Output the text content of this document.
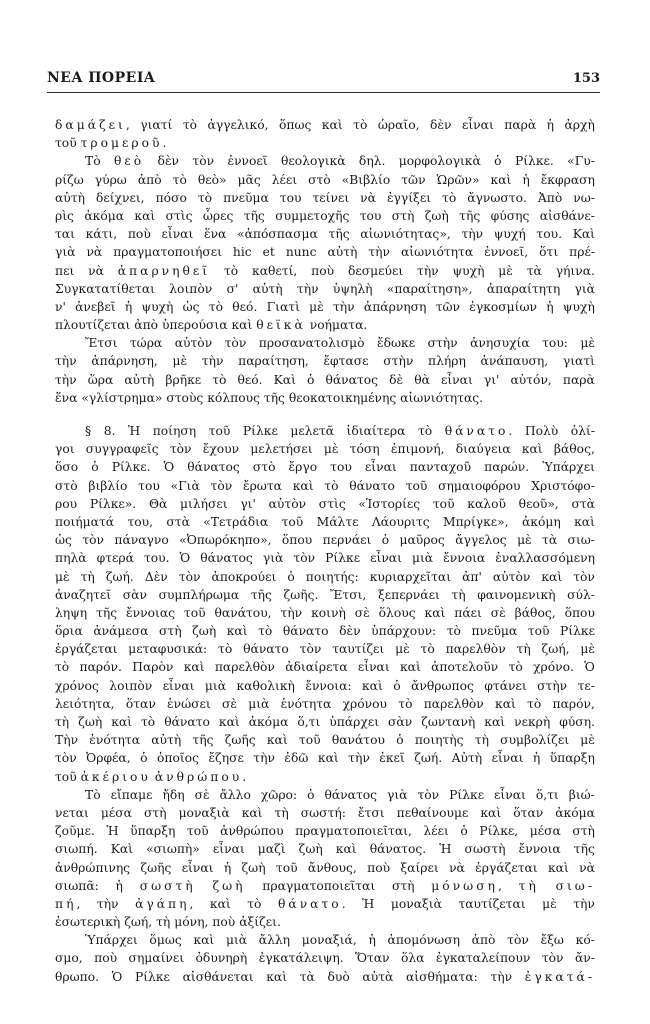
ΝΕΑ ΠΟΡΕΙΑ	153

δαμάζει, γιατί τὸ ἀγγελικό, ὅπως καὶ τὸ ὡραῖο, δὲν εἶναι παρὰ ἡ ἀρχὴ
τοῦ
τρομεροῦ.

Τὸ θεὸ δὲν τὸν ἐννοεῖ θεολογικὰ δηλ. μορφολογικὰ ὁ Ρίλκε. «Γυ-
ρίζω γύρω ἀπὸ τὸ θεὸ» μᾶς λέει στὸ «Βιβλίο τῶν Ὡρῶν» καὶ ἡ ἔκφραση
αὐτὴ δείχνει, πόσο τὸ πνεῦμα του τείνει νὰ ἐγγίξει τὸ ἄγνωστο. Ἀπὸ νω-
ρὶς ἀκόμα καὶ στὶς ὧρες τῆς συμμετοχῆς του στὴ ζωὴ τῆς φύσης αἰσθάνε-
ται κάτι, ποὺ εἶναι ἕνα «ἀπόσπασμα τῆς αἰωνιότητας», τὴν ψυχή του. Καὶ
γιὰ νὰ πραγματοποιήσει hic et nunc αὐτὴ τὴν αἰωνιότητα ἐννοεῖ, ὅτι πρέ-
πει νὰ ἀπαρνηθεῖ τὸ καθετί, ποὺ δεσμεύει τὴν ψυχὴ μὲ τὰ γήινα.
Συγκατατίθεται λοιπὸν σ' αὐτὴ τὴν ὑψηλὴ «παραίτηση», ἀπαραίτητη γιὰ
ν' ἀνεβεῖ ἡ ψυχὴ ὡς τὸ θεό. Γιατὶ μὲ τὴν ἀπάρνηση τῶν ἐγκοσμίων ἡ ψυχὴ
πλουτίζεται
ἀπὸ
ὑπερούσια
καὶ
θεϊκὰ
νοήματα.

Ἔτσι τώρα αὐτὸν τὸν προσανατολισμὸ ἔδωκε στὴν ἀνησυχία του: μὲ
τὴν ἀπάρνηση, μὲ τὴν παραίτηση, ἔφτασε στὴν πλήρη ἀνάπαυση, γιατὶ
τὴν ὥρα αὐτὴ βρῆκε τὸ θεό. Καὶ ὁ θάνατος δὲ θὰ εἶναι γι' αὐτόν, παρὰ
ἕνα
«γλίστρημα»
στοὺς
κόλπους
τῆς
θεοκατοικημένης
αἰωνιότητας.

§ 8. Ἡ ποίηση τοῦ Ρίλκε μελετᾶ ἰδιαίτερα τὸ θάνατο. Πολὺ ὀλί-
γοι συγγραφεῖς τὸν ἔχουν μελετήσει μὲ τόση ἐπιμονή, διαύγεια καὶ βάθος,
ὅσο ὁ Ρίλκε. Ὁ θάνατος στὸ ἔργο του εἶναι πανταχοῦ παρών. Ὑπάρχει
στὸ βιβλίο του «Γιὰ τὸν ἔρωτα καὶ τὸ θάνατο τοῦ σημαιοφόρου Χριστόφο-
ρου Ρίλκε». Θὰ μιλήσει γι' αὐτὸν στὶς «Ἱστορίες τοῦ καλοῦ θεοῦ», στὰ
ποιήματά του, στὰ «Τετράδια τοῦ Μάλτε Λάουριτς Μπρίγκε», ἀκόμη καὶ
ὡς τὸν πάναγνο «Ὀπωρόκηπο», ὅπου περνάει ὁ μαῦρος ἄγγελος μὲ τὰ σιω-
πηλὰ φτερά του. Ὁ θάνατος γιὰ τὸν Ρίλκε εἶναι μιὰ ἔννοια ἐναλλασσόμενη
μὲ τὴ ζωή. Δὲν τὸν ἀποκρούει ὁ ποιητής: κυριαρχεῖται ἀπ' αὐτὸν καὶ τὸν
ἀναζητεῖ σὰν συμπλήρωμα τῆς ζωῆς. Ἔτσι, ξεπερνάει τὴ φαινομενικὴ σύλ-
ληψη τῆς ἔννοιας τοῦ θανάτου, τὴν κοινὴ σὲ ὅλους καὶ πάει σὲ βάθος, ὅπου
ὅρια ἀνάμεσα στὴ ζωὴ καὶ τὸ θάνατο δὲν ὑπάρχουν: τὸ πνεῦμα τοῦ Ρίλκε
ἐργάζεται μεταφυσικά: τὸ θάνατο τὸν ταυτίζει μὲ τὸ παρελθὸν τὴ ζωή, μὲ
τὸ παρόν. Παρὸν καὶ παρελθὸν ἀδιαίρετα εἶναι καὶ ἀποτελοῦν τὸ χρόνο. Ὁ
χρόνος λοιπὸν εἶναι μιὰ καθολικὴ ἔννοια: καὶ ὁ ἄνθρωπος φτάνει στὴν τε-
λειότητα, ὅταν ἑνώσει σὲ μιὰ ἑνότητα χρόνου τὸ παρελθὸν καὶ τὸ παρόν,
τὴ ζωὴ καὶ τὸ θάνατο καὶ ἀκόμα ὅ,τι ὑπάρχει σὰν ζωντανὴ καὶ νεκρὴ φύση.
Τὴν ἑνότητα αὐτὴ τῆς ζωῆς καὶ τοῦ θανάτου ὁ ποιητὴς τὴ συμβολίζει μὲ
τὸν Ὀρφέα, ὁ ὁποῖος ἔζησε τὴν ἐδῶ καὶ τὴν ἐκεῖ ζωή. Αὐτὴ εἶναι ἡ ὕπαρξη
τοῦ
ἀκέριου
ἀνθρώπου.

Τὸ εἴπαμε ἤδη σὲ ἄλλο χῶρο: ὁ θάνατος γιὰ τὸν Ρίλκε εἶναι ὅ,τι βιώ-
νεται μέσα στὴ μοναξιὰ καὶ τὴ σωστή: ἔτσι πεθαίνουμε καὶ ὅταν ἀκόμα
ζοῦμε. Ἡ ὕπαρξη τοῦ ἀνθρώπου πραγματοποιεῖται, λέει ὁ Ρίλκε, μέσα στὴ
σιωπή. Καὶ «σιωπὴ» εἶναι μαζὶ ζωὴ καὶ θάνατος. Ἡ σωστὴ ἔννοια τῆς
ἀνθρώπινης ζωῆς εἶναι ἡ ζωὴ τοῦ ἄνθους, ποὺ ξαίρει νὰ ἐργάζεται καὶ νὰ
σιωπᾶ: ἡ σωστὴ ζωὴ πραγματοποιεῖται στὴ μόνωση, τὴ σιω-
πή, τὴν ἀγάπη, καὶ τὸ θάνατο. Ἡ μοναξιὰ ταυτίζεται μὲ τὴν
ἐσωτερικὴ
ζωή,
τὴ
μόνη,
ποὺ
ἀξίζει.

Ὑπάρχει ὅμως καὶ μιὰ ἄλλη μοναξιά, ἡ ἀπομόνωση ἀπὸ τὸν ἔξω κό-
σμο, ποὺ σημαίνει ὀδυνηρὴ ἐγκατάλειψη. Ὅταν ὅλα ἐγκαταλείπουν τὸν ἄν-
θρωπο. Ὁ Ρίλκε αἰσθάνεται καὶ τὰ δυὸ αὐτὰ αἰσθήματα: τὴν ἐγκατά-
